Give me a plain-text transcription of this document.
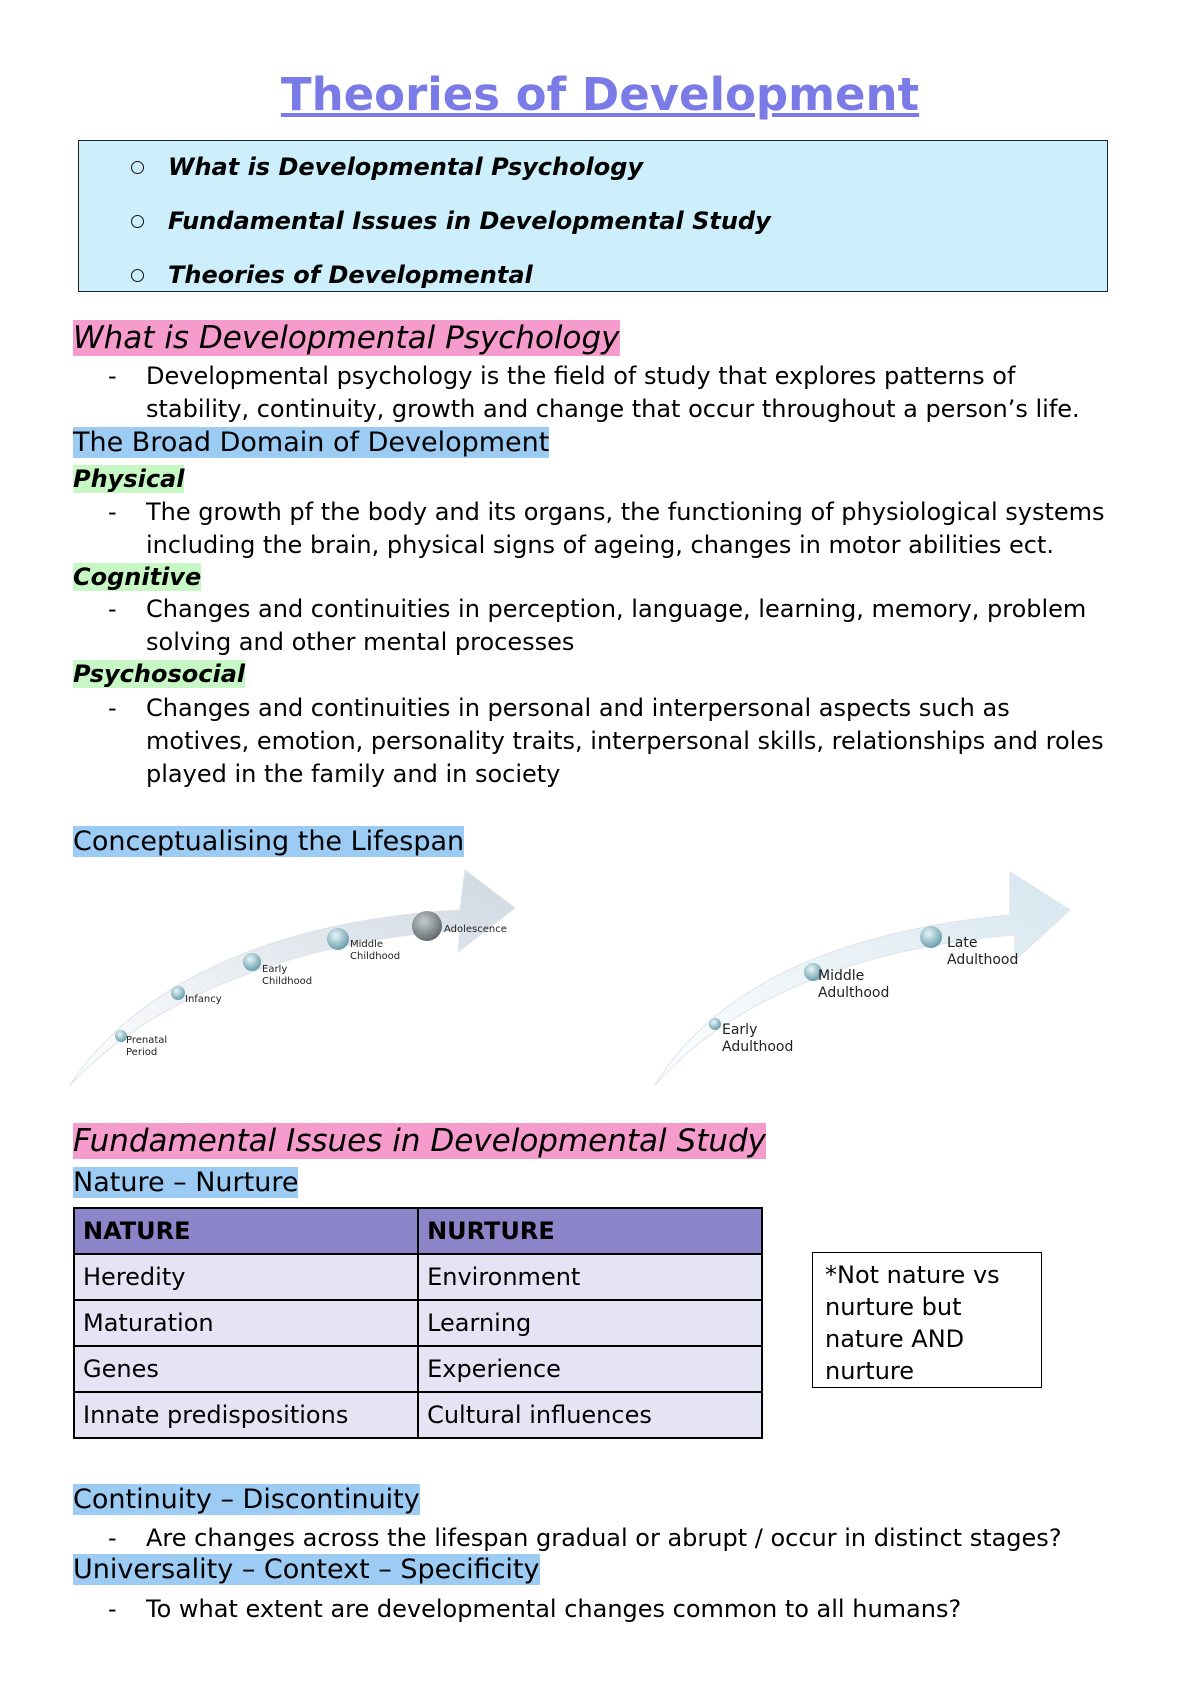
Theories of Development
What is Developmental Psychology
Fundamental Issues in Developmental Study
Theories of Developmental
What is Developmental Psychology
- Developmental psychology is the field of study that explores patterns of
stability, continuity, growth and change that occur throughout a person’s life.
The Broad Domain of Development
Physical
- The growth pf the body and its organs, the functioning of physiological systems
including the brain, physical signs of ageing, changes in motor abilities ect.
Cognitive
- Changes and continuities in perception, language, learning, memory, problem
solving and other mental processes
Psychosocial
- Changes and continuities in personal and interpersonal aspects such as
motives, emotion, personality traits, interpersonal skills, relationships and roles
played in the family and in society
Conceptualising the Lifespan
Prenatal
Period
Infancy
Early
Childhood
Middle
Childhood
Adolescence
Early
Adulthood
Middle
Adulthood
Late
Adulthood
Fundamental Issues in Developmental Study
Nature – Nurture
NATURE	NURTURE
Heredity	Environment
Maturation	Learning
Genes	Experience
Innate predispositions	Cultural influences
*Not nature vs
nurture but
nature AND
nurture
Continuity – Discontinuity
- Are changes across the lifespan gradual or abrupt / occur in distinct stages?
Universality – Context – Specificity
- To what extent are developmental changes common to all humans?
